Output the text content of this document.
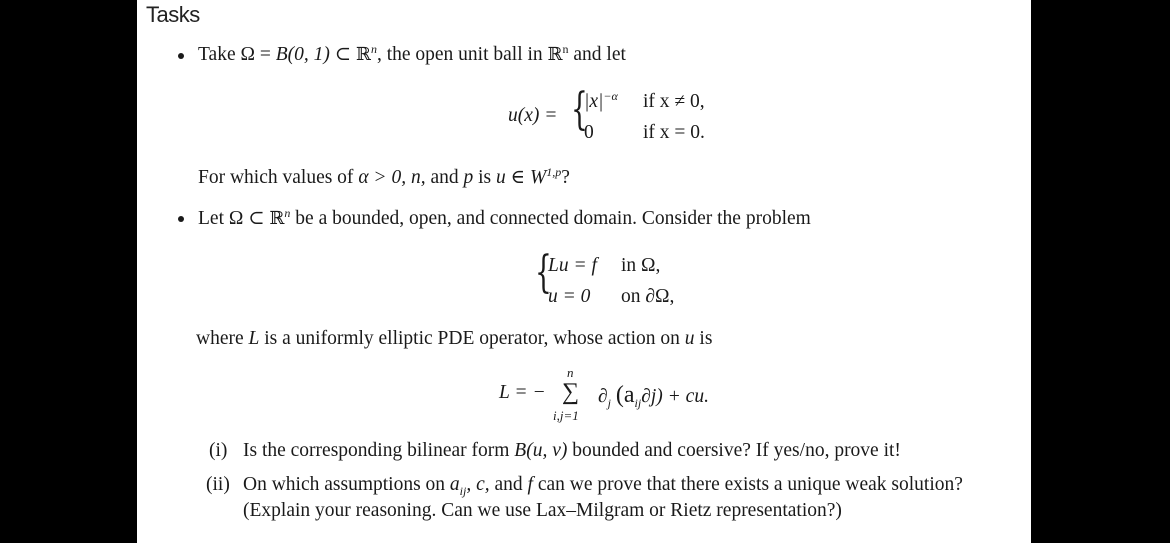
Tasks
Take Ω = B(0, 1) ⊂ ℝ$^n$, the open unit ball in ℝ$^n$ and let
u(x) = {
$|x|^{-\alpha}$ if x ≠ 0,
0	if x = 0.
For which values of α > 0, n, and p is u ∈ W$^{1,p}$?
Let Ω ⊂ ℝ$^n$ be a bounded, open, and connected domain. Consider the problem
{
Lu = f in Ω,
u = 0 on ∂Ω,
where L is a uniformly elliptic PDE operator, whose action on u is
L = −
n
∑
i,j=1
$\partial_j$ $(a_{ij}\partial j)$ + cu.
(i) Is the corresponding bilinear form B(u, v) bounded and coersive? If yes/no, prove it!
(ii) On which assumptions on $a_{ij}$, c, and f can we prove that there exists a unique weak solution?
(Explain your reasoning. Can we use Lax–Milgram or Rietz representation?)
